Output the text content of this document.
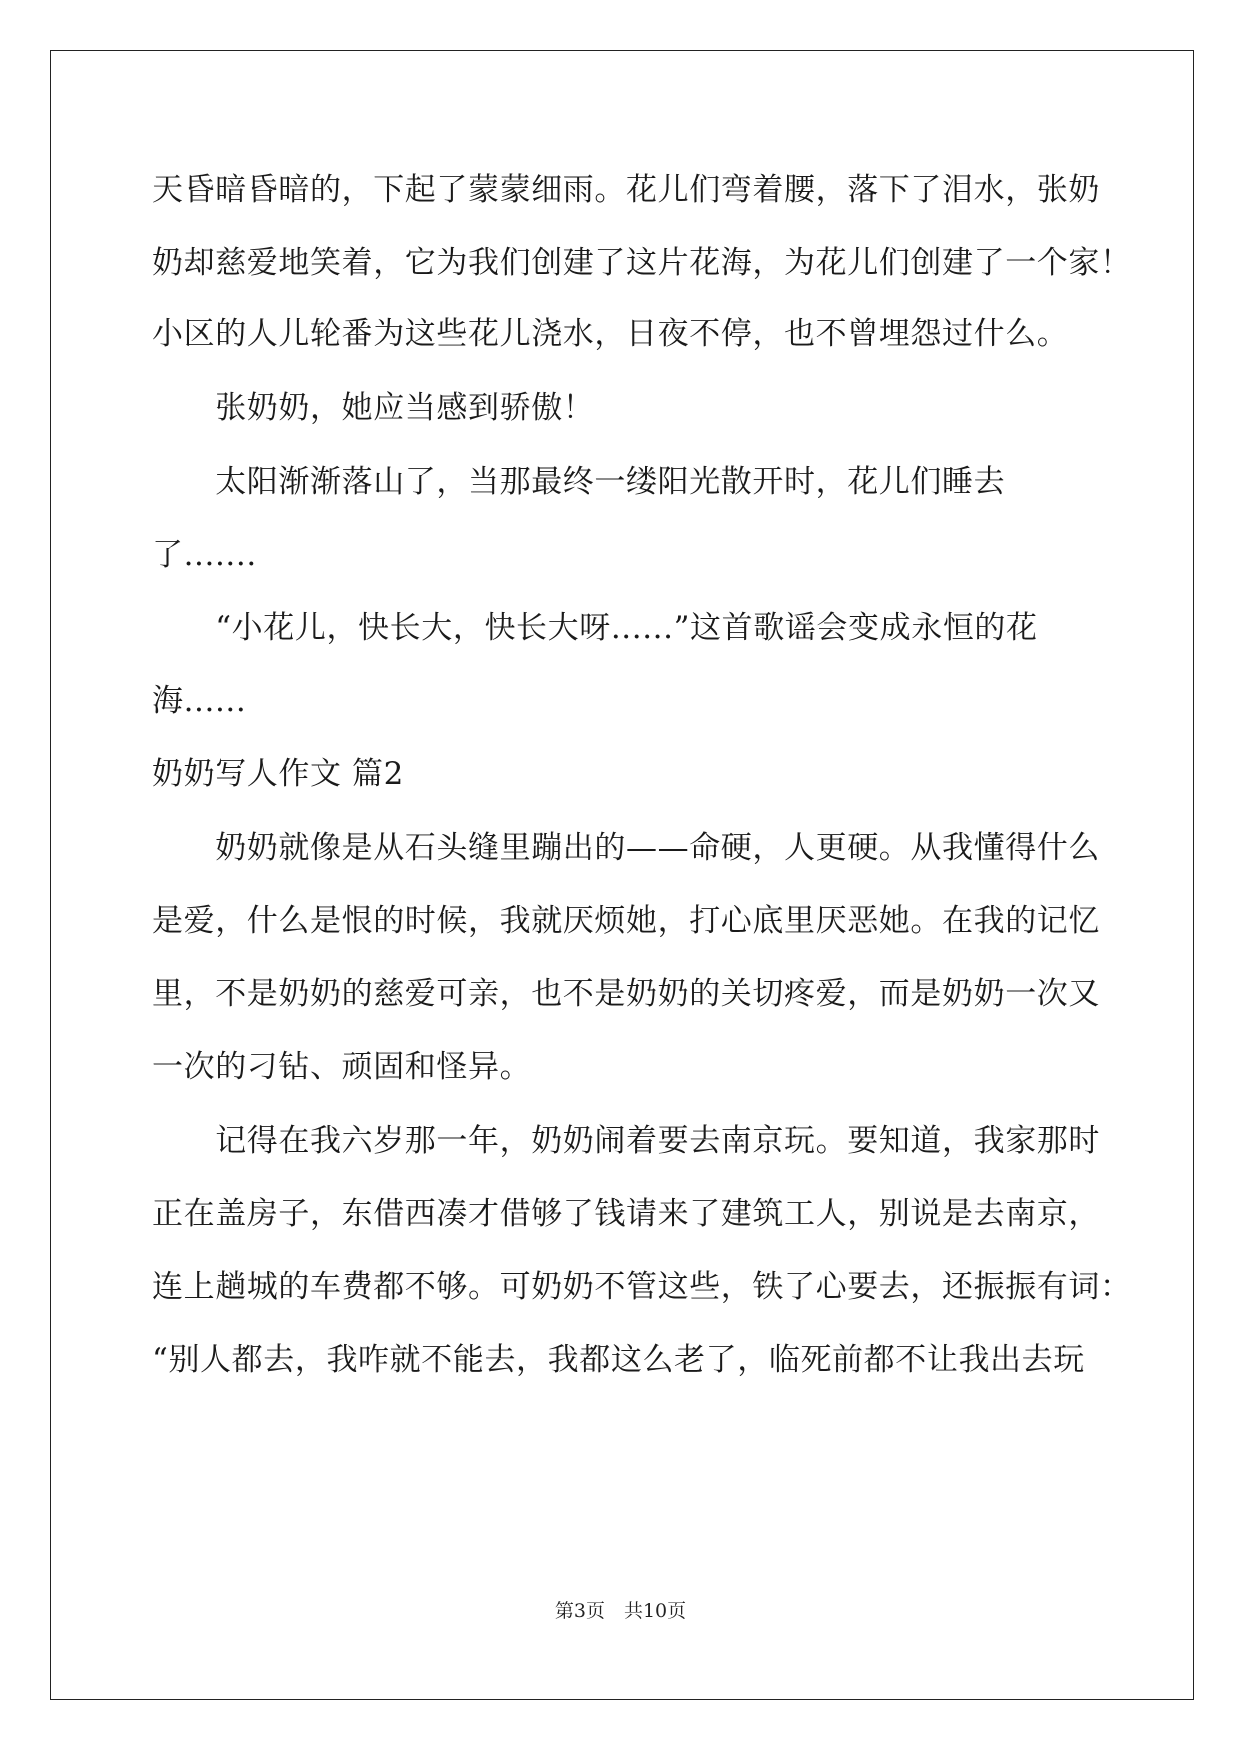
天昏暗昏暗的，下起了蒙蒙细雨。花儿们弯着腰，落下了泪水，张奶
奶却慈爱地笑着，它为我们创建了这片花海，为花儿们创建了一个家！
小区的人儿轮番为这些花儿浇水，日夜不停，也不曾埋怨过什么。
　　张奶奶，她应当感到骄傲！
　　太阳渐渐落山了，当那最终一缕阳光散开时，花儿们睡去
了.......
　　“小花儿，快长大，快长大呀......”这首歌谣会变成永恒的花
海......
奶奶写人作文 篇2
　　奶奶就像是从石头缝里蹦出的——命硬，人更硬。从我懂得什么
是爱，什么是恨的时候，我就厌烦她，打心底里厌恶她。在我的记忆
里，不是奶奶的慈爱可亲，也不是奶奶的关切疼爱，而是奶奶一次又
一次的刁钻、顽固和怪异。
　　记得在我六岁那一年，奶奶闹着要去南京玩。要知道，我家那时
正在盖房子，东借西凑才借够了钱请来了建筑工人，别说是去南京，
连上趟城的车费都不够。可奶奶不管这些，铁了心要去，还振振有词：
“别人都去，我咋就不能去，我都这么老了，临死前都不让我出去玩
第3页　共10页
